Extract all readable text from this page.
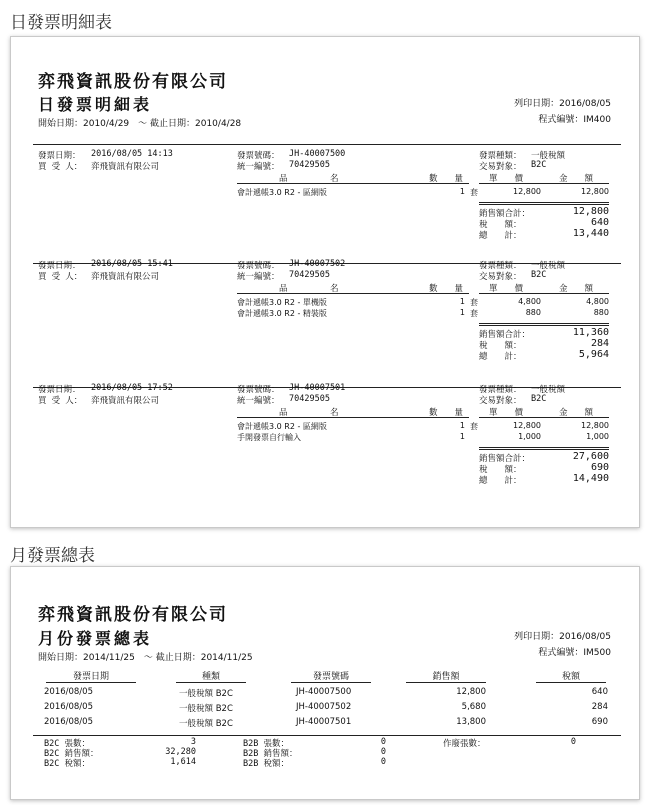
日發票明細表
弈飛資訊股份有限公司
日發票明細表
開始日期：2010/4/29　～ 截止日期：2010/4/28
列印日期：2016/08/05
程式編號：IM400
發票日期： 2016/08/05 14:13
買 受 人： 弈飛資訊有限公司
發票號碼： JH-40007500
統一編號： 70429505
發票種類： 一般稅額
交易對象： B2C
品　　　　　名	數　　量	單　　價	金　　額
會計遞帳3.0 R2 - 區網版	1 套	12,800	12,800
銷售額合計：	12,800
稅　　額：	640
總　　計：	13,440
發票日期： 2016/08/05 15:41
買 受 人： 弈飛資訊有限公司
發票號碼： JH-40007502
統一編號： 70429505
發票種類： 一般稅額
交易對象： B2C
品　　　　　名	數　　量	單　　價	金　　額
會計遞帳3.0 R2 - 單機版	1 套	4,800	4,800
會計遞帳3.0 R2 - 精裝版	1 套	880	880
銷售額合計：	11,360
稅　　額：	284
總　　計：	5,964
發票日期： 2016/08/05 17:52
買 受 人： 弈飛資訊有限公司
發票號碼： JH-40007501
統一編號： 70429505
發票種類： 一般稅額
交易對象： B2C
品　　　　　名	數　　量	單　　價	金　　額
會計遞帳3.0 R2 - 區網版	1 套	12,800	12,800
手開發票自行輸入	1	1,000	1,000
銷售額合計：	27,600
稅　　額：	690
總　　計：	14,490
月發票總表
弈飛資訊股份有限公司
月份發票總表
開始日期：2014/11/25　～ 截止日期：2014/11/25
列印日期：2016/08/05
程式編號：IM500
發票日期	種類	發票號碼	銷售額	稅額
2016/08/05	一般稅額 B2C	JH-40007500	12,800	640
2016/08/05	一般稅額 B2C	JH-40007502	5,680	284
2016/08/05	一般稅額 B2C	JH-40007501	13,800	690
B2C 張數：	3
B2C 銷售額：	32,280
B2C 稅額：	1,614
B2B 張數：	0
B2B 銷售額：	0
B2B 稅額：	0
作廢張數：	0
